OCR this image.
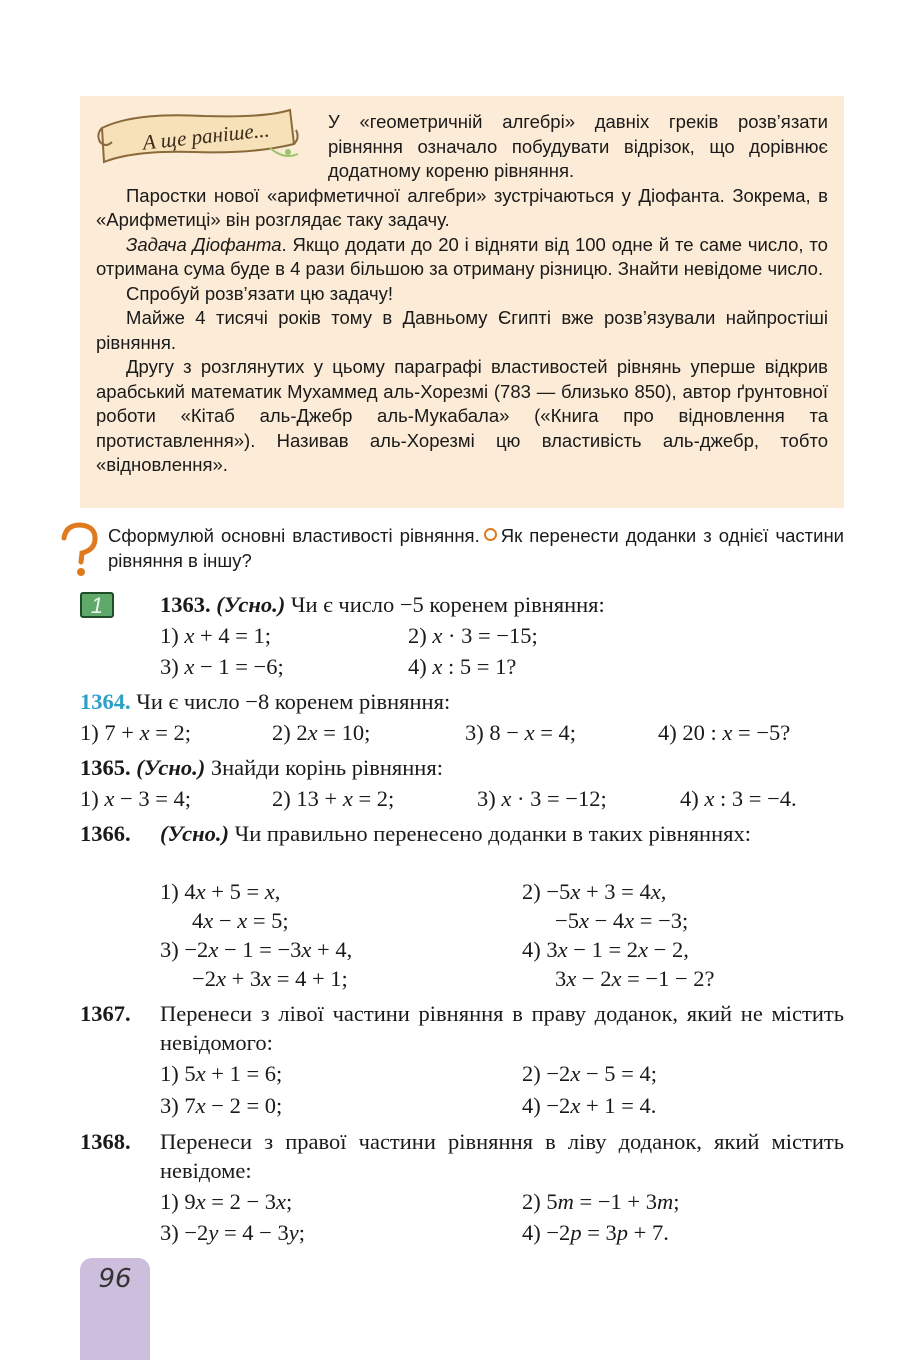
А ще раніше...	У «геометричній алгебрі» давніх греків розв’язати рівняння означало побудувати відрізок, що дорівнює додатному кореню рівняння.

Паростки нової «арифметичної алгебри» зустрічаються у Діофанта. Зокрема, в «Арифметиці» він розглядає таку задачу.

Задача Діофанта. Якщо додати до 20 і відняти від 100 одне й те саме число, то отримана сума буде в 4 рази більшою за отриману різницю. Знайти невідоме число.

Спробуй розв’язати цю задачу!

Майже 4 тисячі років тому в Давньому Єгипті вже розв’язували найпростіші рівняння.

Другу з розглянутих у цьому параграфі властивостей рівнянь уперше відкрив арабський математик Мухаммед аль-Хорезмі (783 — близько 850), автор ґрунтовної роботи «Кітаб аль-Джебр аль-Мукабала» («Книга про відновлення та протиставлення»). Називав аль-Хорезмі цю властивість аль-джебр, тобто «відновлення».

Сформулюй основні властивості рівняння. Як перенести доданки з однієї частини рівняння в іншу?
1	1363. (Усно.) Чи є число −5 коренем рівняння:
1) x + 4 = 1;	2) x · 3 = −15;
3) x − 1 = −6;	4) x : 5 = 1?
1364. Чи є число −8 коренем рівняння:
1) 7 + x = 2;	2) 2x = 10;	3) 8 − x = 4;	4) 20 : x = −5?
1365. (Усно.) Знайди корінь рівняння:
1) x − 3 = 4;	2) 13 + x = 2;	3) x · 3 = −12;	4) x : 3 = −4.
1366. (Усно.) Чи правильно перенесено доданки в таких рівняннях:
1) 4x + 5 = x,
4x − x = 5;
2) −5x + 3 = 4x,
−5x − 4x = −3;
3) −2x − 1 = −3x + 4,
−2x + 3x = 4 + 1;
4) 3x − 1 = 2x − 2,
3x − 2x = −1 − 2?
1367. Перенеси з лівої частини рівняння в праву доданок, який не містить невідомого:
1) 5x + 1 = 6;	2) −2x − 5 = 4;
3) 7x − 2 = 0;	4) −2x + 1 = 4.
1368. Перенеси з правої частини рівняння в ліву доданок, який містить невідоме:
1) 9x = 2 − 3x;	2) 5m = −1 + 3m;
3) −2y = 4 − 3y;	4) −2p = 3p + 7.
96
